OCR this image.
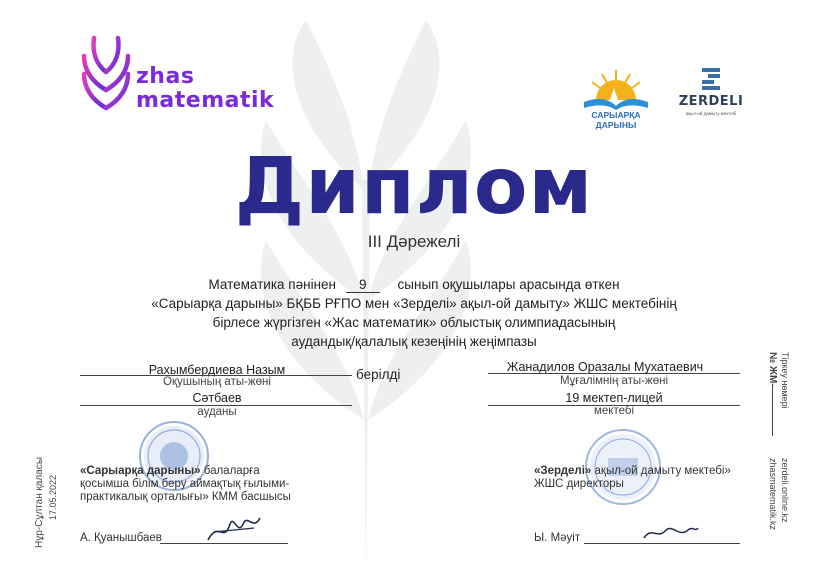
zhas
matematik
САРЫАРҚА ДАРЫНЫ
ZERDELI
ақыл-ой дамыту мектебі
Диплом
III Дәрежелі
Математика пәнінен 9 сынып оқушылары арасында өткен
«Сарыарқа дарыны» БҚББ РҒПО мен «Зерделі» ақыл-ой дамыту» ЖШС мектебінің
бірлесе жүргізген «Жас математик» облыстық олимпиадасының
аудандық/қалалық кезеңінің жеңімпазы
Рахымбердиева Назым
Оқушының аты-жөні	берілді
Сәтбаев
ауданы
Жанадилов Оразалы Мухатаевич
Мұғалімнің аты-жөні
19 мектеп-лицей
мектебі
«Сарыарқа дарыны» балаларға
қосымша білім беру аймақтық ғылыми-
практикалық орталығы» КММ басшысы
А. Қуанышбаев
«Зерделі» ақыл-ой дамыту мектебі»
ЖШС директоры
Ы. Мәуіт
Нұр-Сұлтан қаласы 17.05.2022
Тіркеу нөмері
№ ЖМ-
zerdeli.online.kz
zhasmatematik.kz
